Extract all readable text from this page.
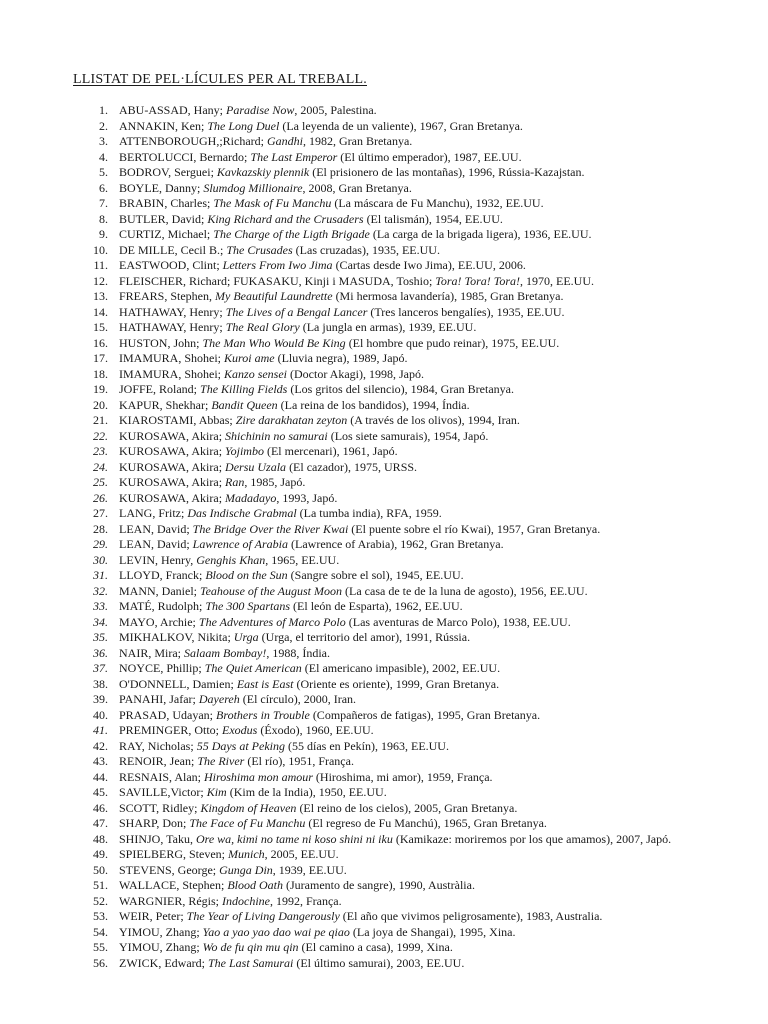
LLISTAT DE PEL·LÍCULES PER AL TREBALL.
1. ABU-ASSAD, Hany; Paradise Now, 2005, Palestina.
2. ANNAKIN, Ken; The Long Duel (La leyenda de un valiente), 1967, Gran Bretanya.
3. ATTENBOROUGH,;Richard; Gandhi, 1982, Gran Bretanya.
4. BERTOLUCCI, Bernardo; The Last Emperor (El último emperador), 1987, EE.UU.
5. BODROV, Serguei; Kavkazskiy plennik (El prisionero de las montañas), 1996, Rússia-Kazajstan.
6. BOYLE, Danny; Slumdog Millionaire, 2008, Gran Bretanya.
7. BRABIN, Charles; The Mask of Fu Manchu (La máscara de Fu Manchu), 1932, EE.UU.
8. BUTLER, David; King Richard and the Crusaders (El talismán), 1954, EE.UU.
9. CURTIZ, Michael; The Charge of the Ligth Brigade (La carga de la brigada ligera), 1936, EE.UU.
10. DE MILLE, Cecil B.; The Crusades (Las cruzadas), 1935, EE.UU.
11. EASTWOOD, Clint; Letters From Iwo Jima (Cartas desde Iwo Jima), EE.UU, 2006.
12. FLEISCHER, Richard; FUKASAKU, Kinji i MASUDA, Toshio; Tora! Tora! Tora!, 1970, EE.UU.
13. FREARS, Stephen, My Beautiful Laundrette (Mi hermosa lavandería), 1985, Gran Bretanya.
14. HATHAWAY, Henry; The Lives of a Bengal Lancer (Tres lanceros bengalíes), 1935, EE.UU.
15. HATHAWAY, Henry; The Real Glory (La jungla en armas), 1939, EE.UU.
16. HUSTON, John; The Man Who Would Be King (El hombre que pudo reinar), 1975, EE.UU.
17. IMAMURA, Shohei; Kuroi ame (Lluvia negra), 1989, Japó.
18. IMAMURA, Shohei; Kanzo sensei (Doctor Akagi), 1998, Japó.
19. JOFFE, Roland; The Killing Fields (Los gritos del silencio), 1984, Gran Bretanya.
20. KAPUR, Shekhar; Bandit Queen (La reina de los bandidos), 1994, Índia.
21. KIAROSTAMI, Abbas; Zire darakhatan zeyton (A través de los olivos), 1994, Iran.
22. KUROSAWA, Akira; Shichinin no samurai (Los siete samurais), 1954, Japó.
23. KUROSAWA, Akira; Yojimbo (El mercenari), 1961, Japó.
24. KUROSAWA, Akira; Dersu Uzala (El cazador), 1975, URSS.
25. KUROSAWA, Akira; Ran, 1985, Japó.
26. KUROSAWA, Akira; Madadayo, 1993, Japó.
27. LANG, Fritz; Das Indische Grabmal (La tumba india), RFA, 1959.
28. LEAN, David; The Bridge Over the River Kwai (El puente sobre el río Kwai), 1957, Gran Bretanya.
29. LEAN, David; Lawrence of Arabia (Lawrence of Arabia), 1962, Gran Bretanya.
30. LEVIN, Henry, Genghis Khan, 1965, EE.UU.
31. LLOYD, Franck; Blood on the Sun (Sangre sobre el sol), 1945, EE.UU.
32. MANN, Daniel; Teahouse of the August Moon (La casa de te de la luna de agosto), 1956, EE.UU.
33. MATÉ, Rudolph; The 300 Spartans (El león de Esparta), 1962, EE.UU.
34. MAYO, Archie; The Adventures of Marco Polo (Las aventuras de Marco Polo), 1938, EE.UU.
35. MIKHALKOV, Nikita; Urga (Urga, el territorio del amor), 1991, Rússia.
36. NAIR, Mira; Salaam Bombay!, 1988, Índia.
37. NOYCE, Phillip; The Quiet American (El americano impasible), 2002, EE.UU.
38. O'DONNELL, Damien; East is East (Oriente es oriente), 1999, Gran Bretanya.
39. PANAHI, Jafar; Dayereh (El círculo), 2000, Iran.
40. PRASAD, Udayan; Brothers in Trouble (Compañeros de fatigas), 1995, Gran Bretanya.
41. PREMINGER, Otto; Exodus (Éxodo), 1960, EE.UU.
42. RAY, Nicholas; 55 Days at Peking (55 días en Pekín), 1963, EE.UU.
43. RENOIR, Jean; The River (El río), 1951, França.
44. RESNAIS, Alan; Hiroshima mon amour (Hiroshima, mi amor), 1959, França.
45. SAVILLE,Victor; Kim (Kim de la India), 1950, EE.UU.
46. SCOTT, Ridley; Kingdom of Heaven (El reino de los cielos), 2005, Gran Bretanya.
47. SHARP, Don; The Face of Fu Manchu (El regreso de Fu Manchú), 1965, Gran Bretanya.
48. SHINJO, Taku, Ore wa, kimi no tame ni koso shini ni iku (Kamikaze: moriremos por los que amamos), 2007, Japó.
49. SPIELBERG, Steven; Munich, 2005, EE.UU.
50. STEVENS, George; Gunga Din, 1939, EE.UU.
51. WALLACE, Stephen; Blood Oath (Juramento de sangre), 1990, Austràlia.
52. WARGNIER, Régis; Indochine, 1992, França.
53. WEIR, Peter; The Year of Living Dangerously (El año que vivimos peligrosamente), 1983, Australia.
54. YIMOU, Zhang; Yao a yao yao dao wai pe qiao (La joya de Shangai), 1995, Xina.
55. YIMOU, Zhang; Wo de fu qin mu qin (El camino a casa), 1999, Xina.
56. ZWICK, Edward; The Last Samurai (El último samurai), 2003, EE.UU.
